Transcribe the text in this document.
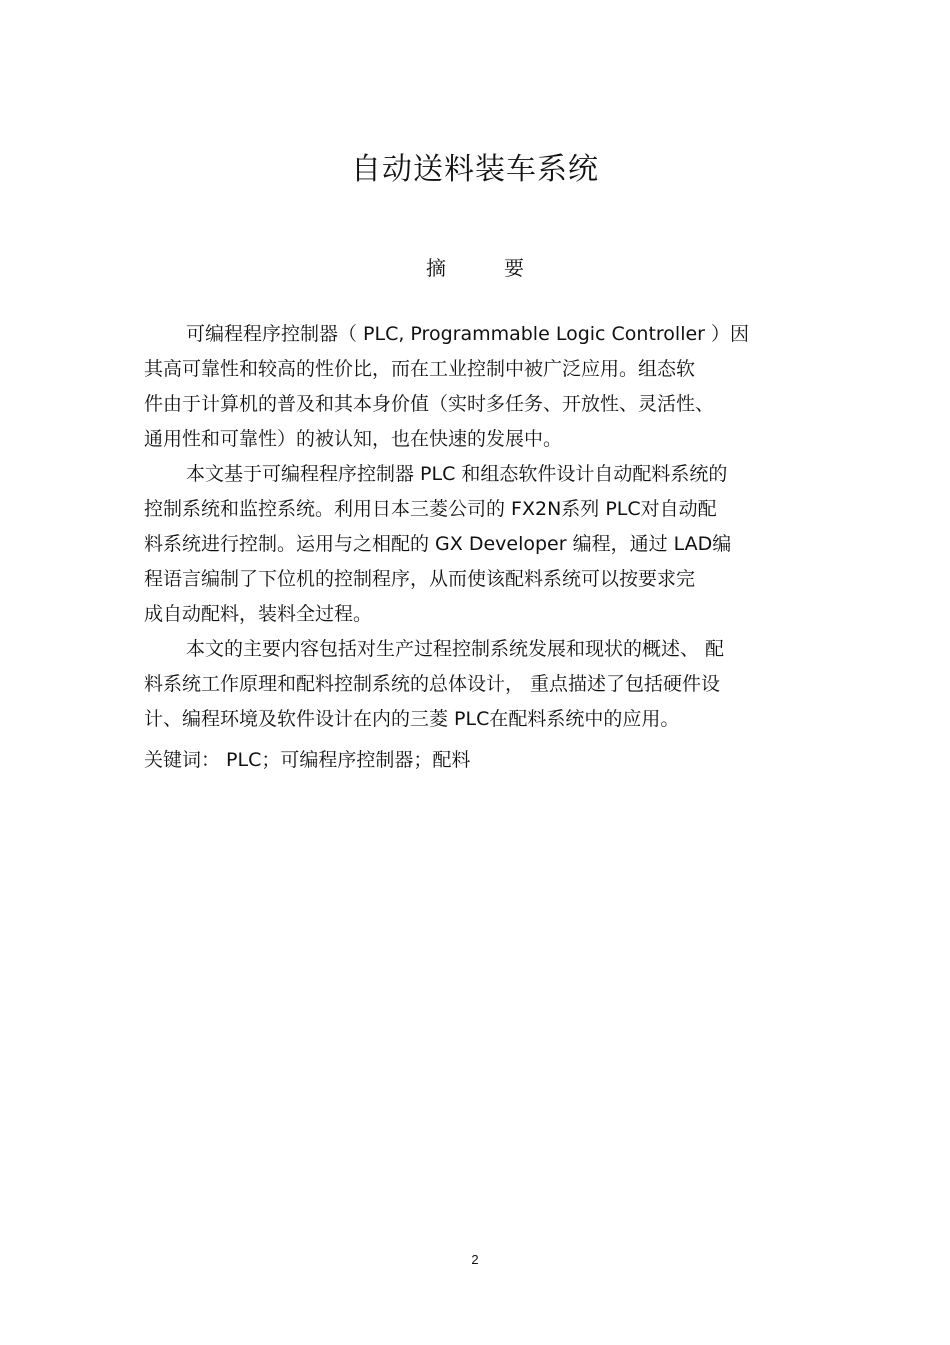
自动送料装车系统
摘	要
可编程程序控制器（ PLC, Programmable Logic Controller ）因
其高可靠性和较高的性价比，而在工业控制中被广泛应用。组态软
件由于计算机的普及和其本身价值（实时多任务、开放性、灵活性、
通用性和可靠性）的被认知，也在快速的发展中。
本文基于可编程程序控制器 PLC 和组态软件设计自动配料系统的
控制系统和监控系统。利用日本三菱公司的 FX2N系列 PLC对自动配
料系统进行控制。运用与之相配的 GX Developer 编程，通过 LAD编
程语言编制了下位机的控制程序，从而使该配料系统可以按要求完
成自动配料，装料全过程。
本文的主要内容包括对生产过程控制系统发展和现状的概述、 配
料系统工作原理和配料控制系统的总体设计， 重点描述了包括硬件设
计、编程环境及软件设计在内的三菱 PLC在配料系统中的应用。
关键词： PLC；可编程序控制器；配料
2
